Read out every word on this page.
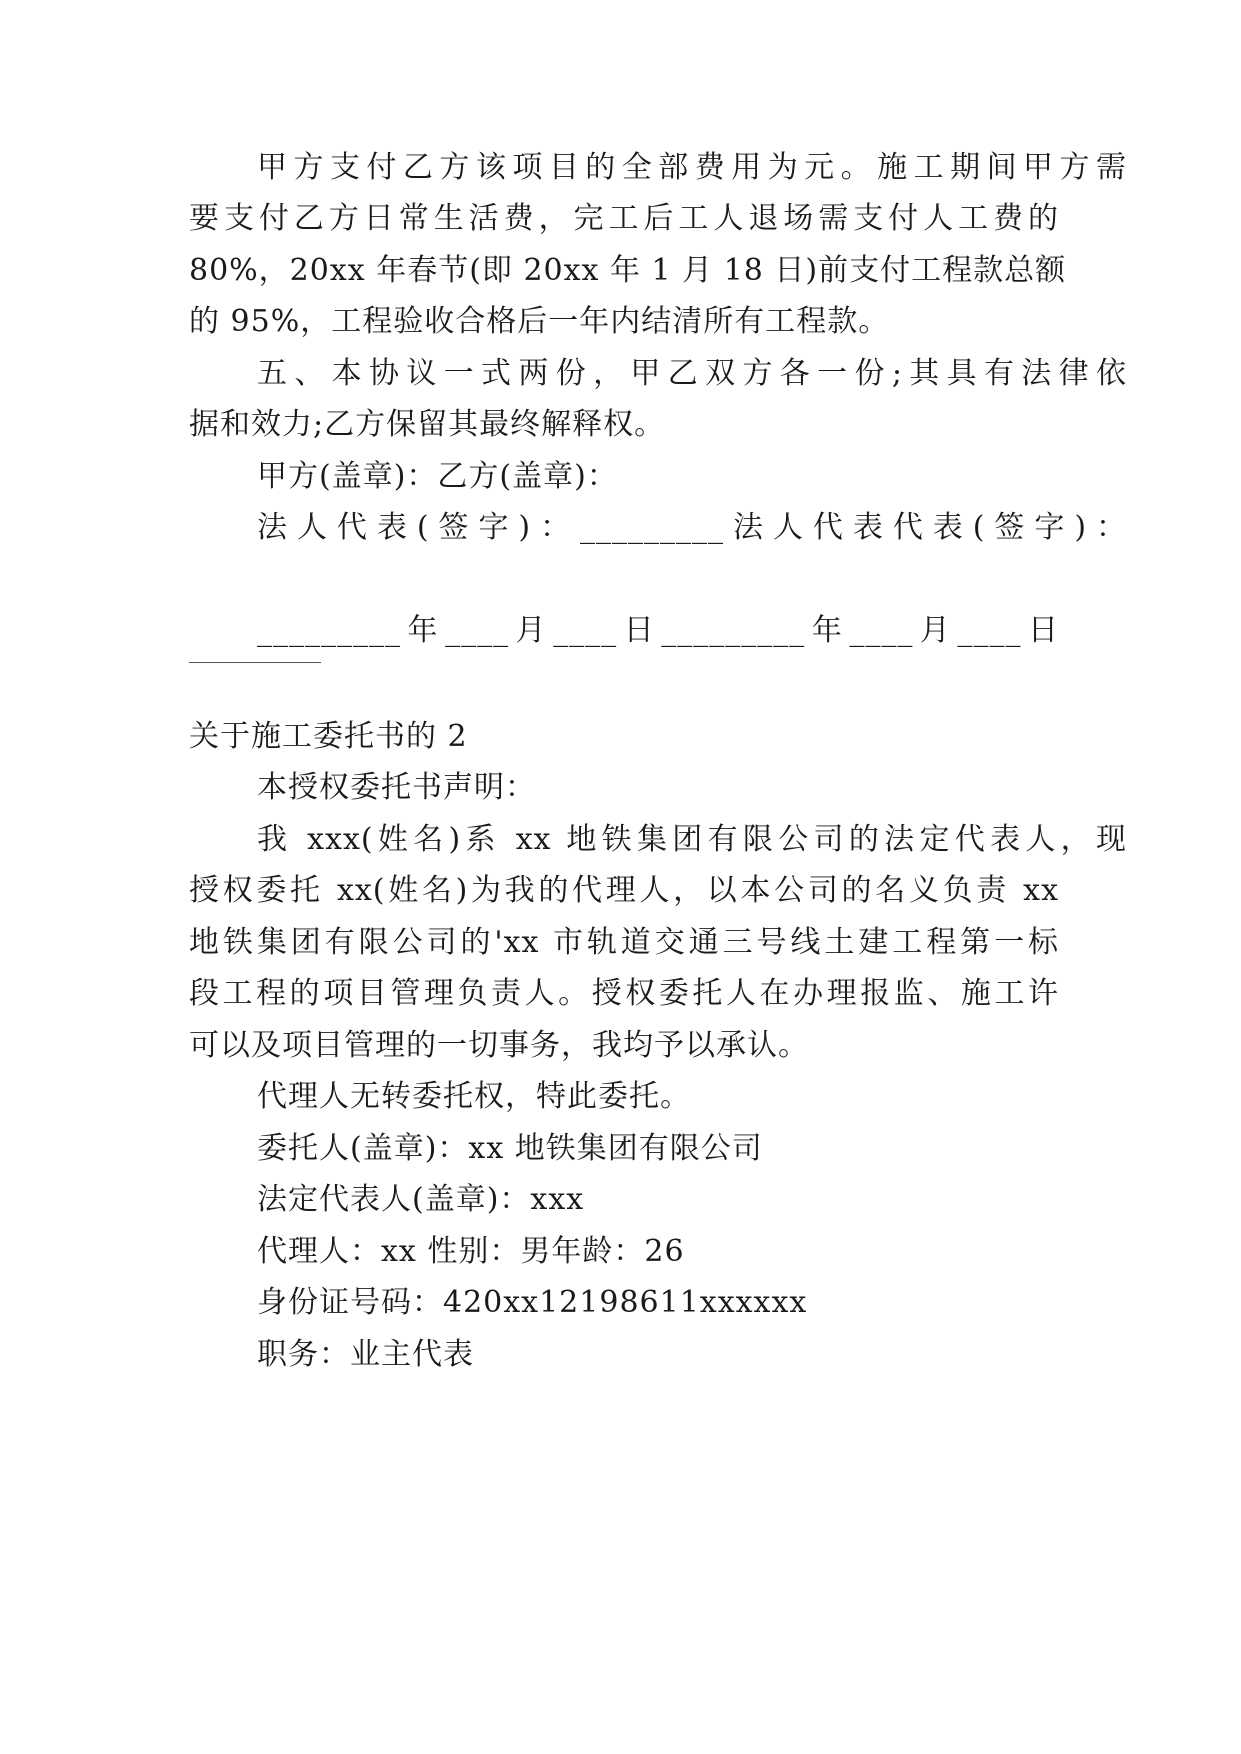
甲方支付乙方该项目的全部费用为元。施工期间甲方需
要支付乙方日常生活费，完工后工人退场需支付人工费的
80%，20xx 年春节(即 20xx 年 1 月 18 日)前支付工程款总额
的 95%，工程验收合格后一年内结清所有工程款。
五、本协议一式两份，甲乙双方各一份;其具有法律依
据和效力;乙方保留其最终解释权。
甲方(盖章)：乙方(盖章)：
法人代表(签字)：_________法人代表代表(签字)：
_________年____月____日_________年____月____日
关于施工委托书的 2
本授权委托书声明：
我 xxx(姓名)系 xx 地铁集团有限公司的法定代表人，现
授权委托 xx(姓名)为我的代理人，以本公司的名义负责 xx
地铁集团有限公司的'xx 市轨道交通三号线土建工程第一标
段工程的项目管理负责人。授权委托人在办理报监、施工许
可以及项目管理的一切事务，我均予以承认。
代理人无转委托权，特此委托。
委托人(盖章)：xx 地铁集团有限公司
法定代表人(盖章)：xxx
代理人：xx 性别：男年龄：26
身份证号码：420xx12198611xxxxxx
职务：业主代表
